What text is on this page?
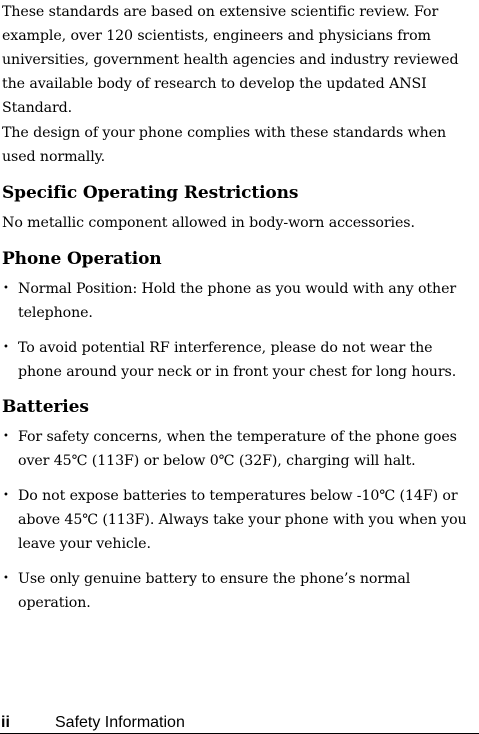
These standards are based on extensive scientific review. For example, over 120 scientists, engineers and physicians from universities, government health agencies and industry reviewed the available body of research to develop the updated ANSI Standard.

The design of your phone complies with these standards when used normally.

Specific Operating Restrictions

No metallic component allowed in body-worn accessories.

Phone Operation
• Normal Position: Hold the phone as you would with any other telephone.
• To avoid potential RF interference, please do not wear the phone around your neck or in front your chest for long hours.
Batteries
• For safety concerns, when the temperature of the phone goes over 45℃ (113F) or below 0℃ (32F), charging will halt.
• Do not expose batteries to temperatures below -10℃ (14F) or above 45℃ (113F). Always take your phone with you when you leave your vehicle.
• Use only genuine battery to ensure the phone’s normal operation.
ii	Safety Information
